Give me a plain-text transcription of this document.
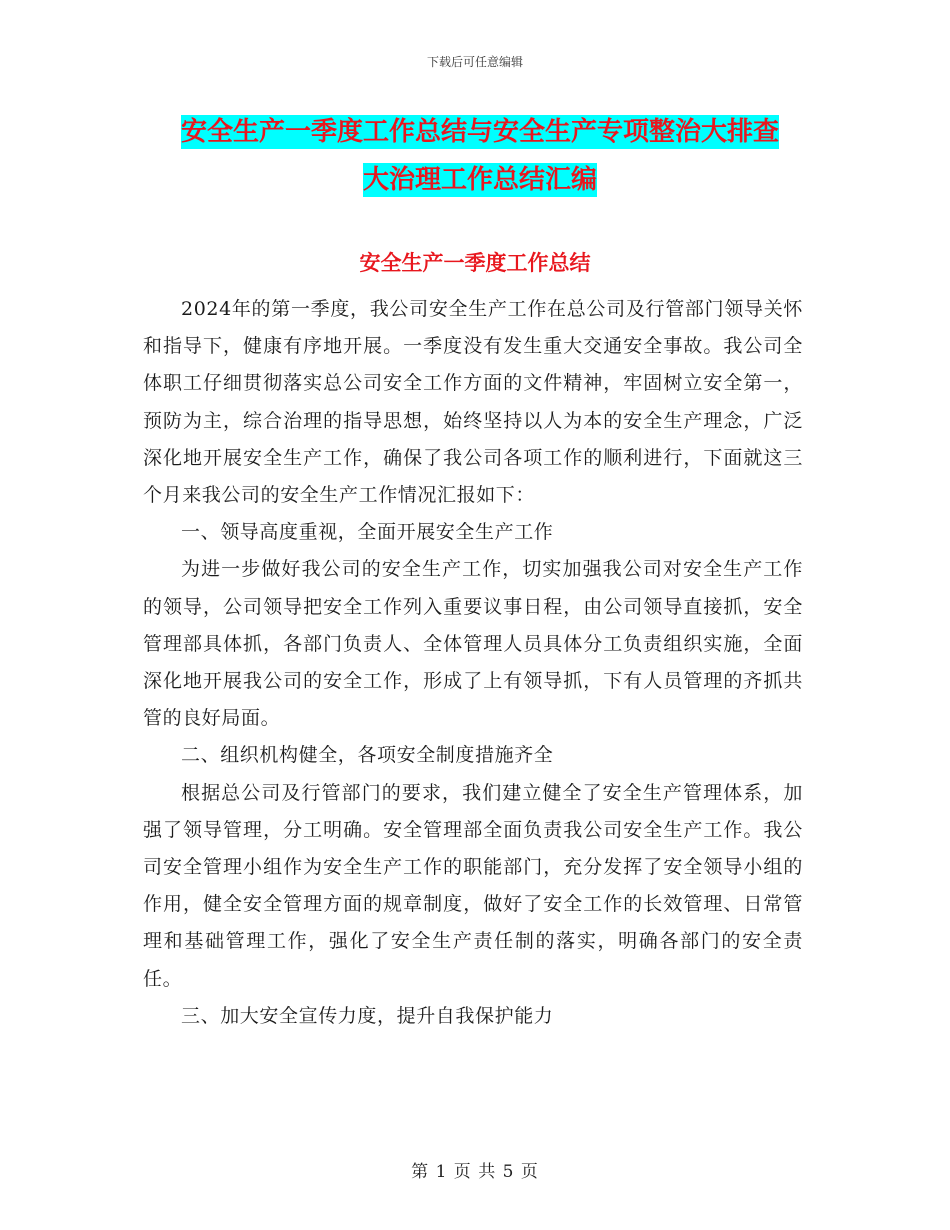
下载后可任意编辑
安全生产一季度工作总结与安全生产专项整治大排查
大治理工作总结汇编
安全生产一季度工作总结

2024年的第一季度，我公司安全生产工作在总公司及行管部门领导关怀和指导下，健康有序地开展。一季度没有发生重大交通安全事故。我公司全体职工仔细贯彻落实总公司安全工作方面的文件精神，牢固树立安全第一，预防为主，综合治理的指导思想，始终坚持以人为本的安全生产理念，广泛深化地开展安全生产工作，确保了我公司各项工作的顺利进行，下面就这三个月来我公司的安全生产工作情况汇报如下：

一、领导高度重视，全面开展安全生产工作

为进一步做好我公司的安全生产工作，切实加强我公司对安全生产工作的领导，公司领导把安全工作列入重要议事日程，由公司领导直接抓，安全管理部具体抓，各部门负责人、全体管理人员具体分工负责组织实施，全面深化地开展我公司的安全工作，形成了上有领导抓，下有人员管理的齐抓共管的良好局面。

二、组织机构健全，各项安全制度措施齐全

根据总公司及行管部门的要求，我们建立健全了安全生产管理体系，加强了领导管理，分工明确。安全管理部全面负责我公司安全生产工作。我公司安全管理小组作为安全生产工作的职能部门，充分发挥了安全领导小组的作用，健全安全管理方面的规章制度，做好了安全工作的长效管理、日常管理和基础管理工作，强化了安全生产责任制的落实，明确各部门的安全责任。

三、加大安全宣传力度，提升自我保护能力

第 1 页 共 5 页
